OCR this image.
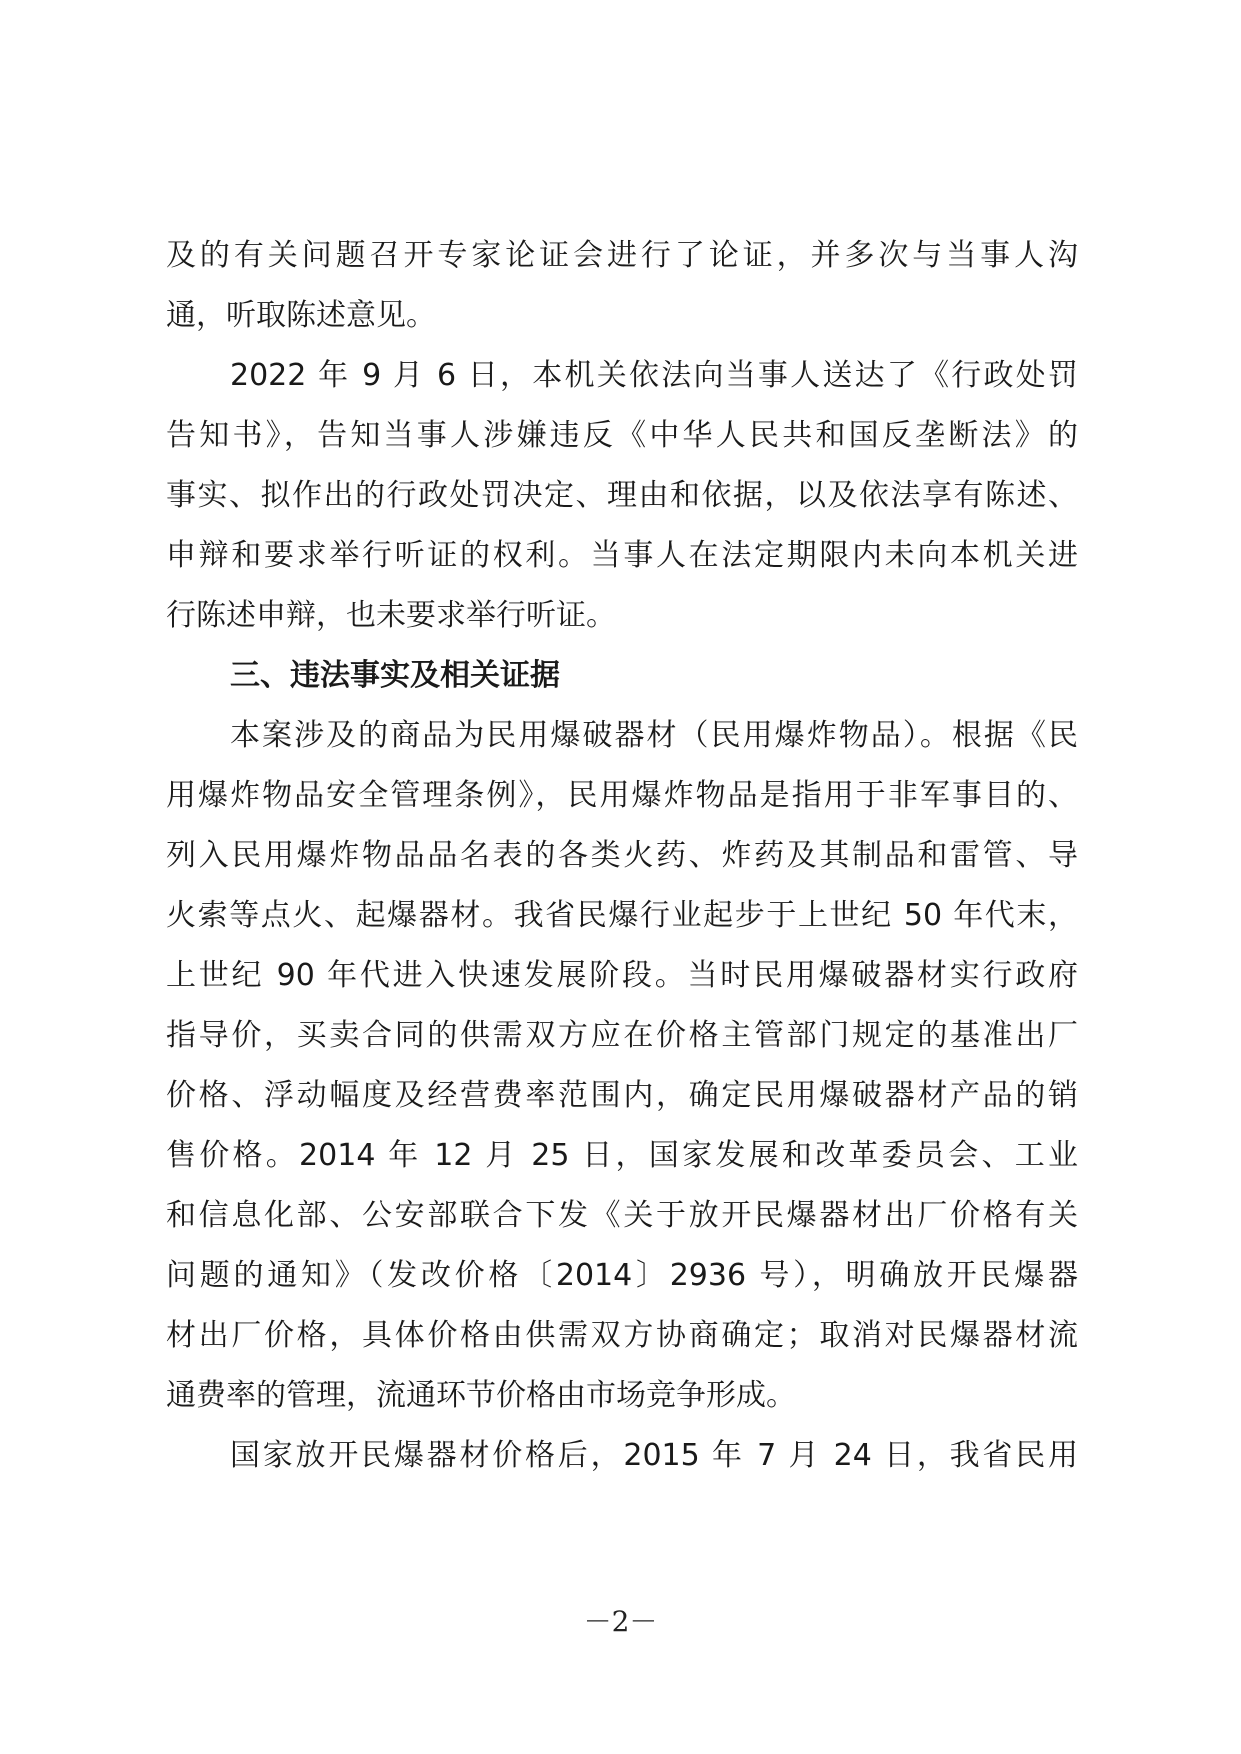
及的有关问题召开专家论证会进行了论证，并多次与当事人沟
通，听取陈述意见。
2022 年 9 月 6 日，本机关依法向当事人送达了《行政处罚
告知书》，告知当事人涉嫌违反《中华人民共和国反垄断法》的
事实、拟作出的行政处罚决定、理由和依据，以及依法享有陈述、
申辩和要求举行听证的权利。当事人在法定期限内未向本机关进
行陈述申辩，也未要求举行听证。
三、违法事实及相关证据
本案涉及的商品为民用爆破器材（民用爆炸物品）。根据《民
用爆炸物品安全管理条例》，民用爆炸物品是指用于非军事目的、
列入民用爆炸物品品名表的各类火药、炸药及其制品和雷管、导
火索等点火、起爆器材。我省民爆行业起步于上世纪 50 年代末，
上世纪 90 年代进入快速发展阶段。当时民用爆破器材实行政府
指导价，买卖合同的供需双方应在价格主管部门规定的基准出厂
价格、浮动幅度及经营费率范围内，确定民用爆破器材产品的销
售价格。2014 年 12 月 25 日，国家发展和改革委员会、工业
和信息化部、公安部联合下发《关于放开民爆器材出厂价格有关
问题的通知》（发改价格〔2014〕2936 号），明确放开民爆器
材出厂价格，具体价格由供需双方协商确定；取消对民爆器材流
通费率的管理，流通环节价格由市场竞争形成。
国家放开民爆器材价格后，2015 年 7 月 24 日，我省民用
－2－
